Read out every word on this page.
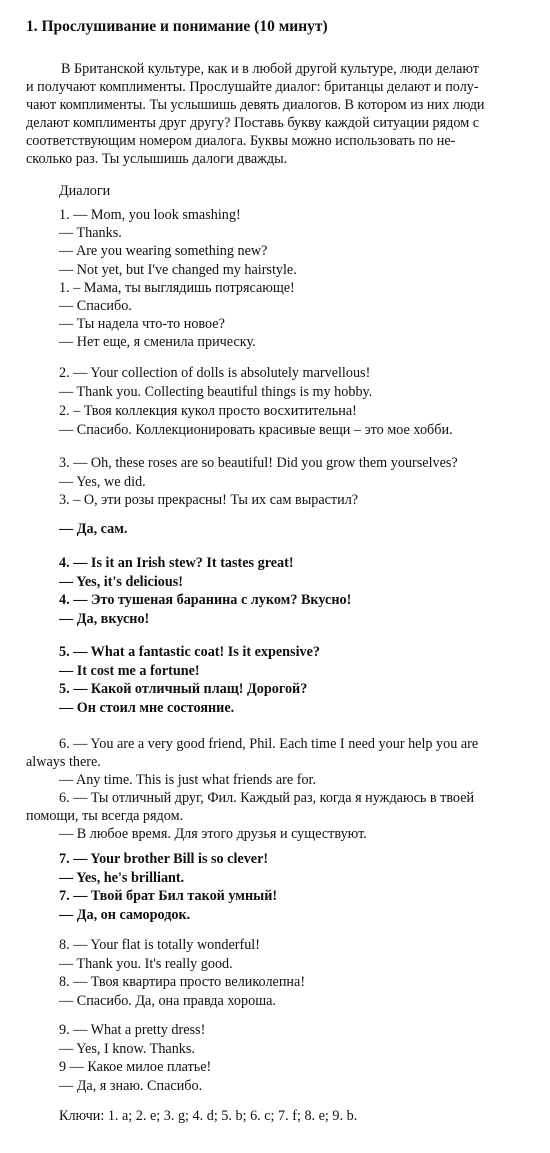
1. Прослушивание и понимание (10 минут)
В Британской культуре, как и в любой другой культуре, люди делают
и получают комплименты. Прослушайте диалог: британцы делают и полу-
чают комплименты. Ты услышишь девять диалогов. В котором из них люди
делают комплименты друг другу? Поставь букву каждой ситуации рядом с
соответствующим номером диалога. Буквы можно использовать по не-
сколько раз. Ты услышишь далоги дважды.
Диалоги
1. — Mom, you look smashing!
— Thanks.
— Are you wearing something new?
— Not yet, but I've changed my hairstyle.
1. – Мама, ты выглядишь потрясающе!
— Спасибо.
— Ты надела что-то новое?
— Нет еще, я сменила прическу.
2. — Your collection of dolls is absolutely marvellous!
— Thank you. Collecting beautiful things is my hobby.
2. – Твоя коллекция кукол просто восхитительна!
— Спасибо. Коллекционировать красивые вещи – это мое хобби.
3. — Oh, these roses are so beautiful! Did you grow them yourselves?
— Yes, we did.
3. – О, эти розы прекрасны! Ты их сам вырастил?
— Да, сам.
4. — Is it an Irish stew? It tastes great!
— Yes, it's delicious!
4. — Это тушеная баранина с луком? Вкусно!
— Да, вкусно!
5. — What a fantastic coat! Is it expensive?
— It cost me a fortune!
5. — Какой отличный плащ! Дорогой?
— Он стоил мне состояние.
6. — You are a very good friend, Phil. Each time I need your help you are
always there.
— Any time. This is just what friends are for.
6. — Ты отличный друг, Фил. Каждый раз, когда я нуждаюсь в твоей
помощи, ты всегда рядом.
— В любое время. Для этого друзья и существуют.
7. — Your brother Bill is so clever!
— Yes, he's brilliant.
7. — Твой брат Бил такой умный!
— Да, он самородок.
8. — Your flat is totally wonderful!
— Thank you. It's really good.
8. — Твоя квартира просто великолепна!
— Спасибо. Да, она правда хороша.
9. — What a pretty dress!
— Yes, I know. Thanks.
9 — Какое милое платье!
— Да, я знаю. Спасибо.
Ключи: 1. a; 2. e; 3. g; 4. d; 5. b; 6. c; 7. f; 8. e; 9. b.
